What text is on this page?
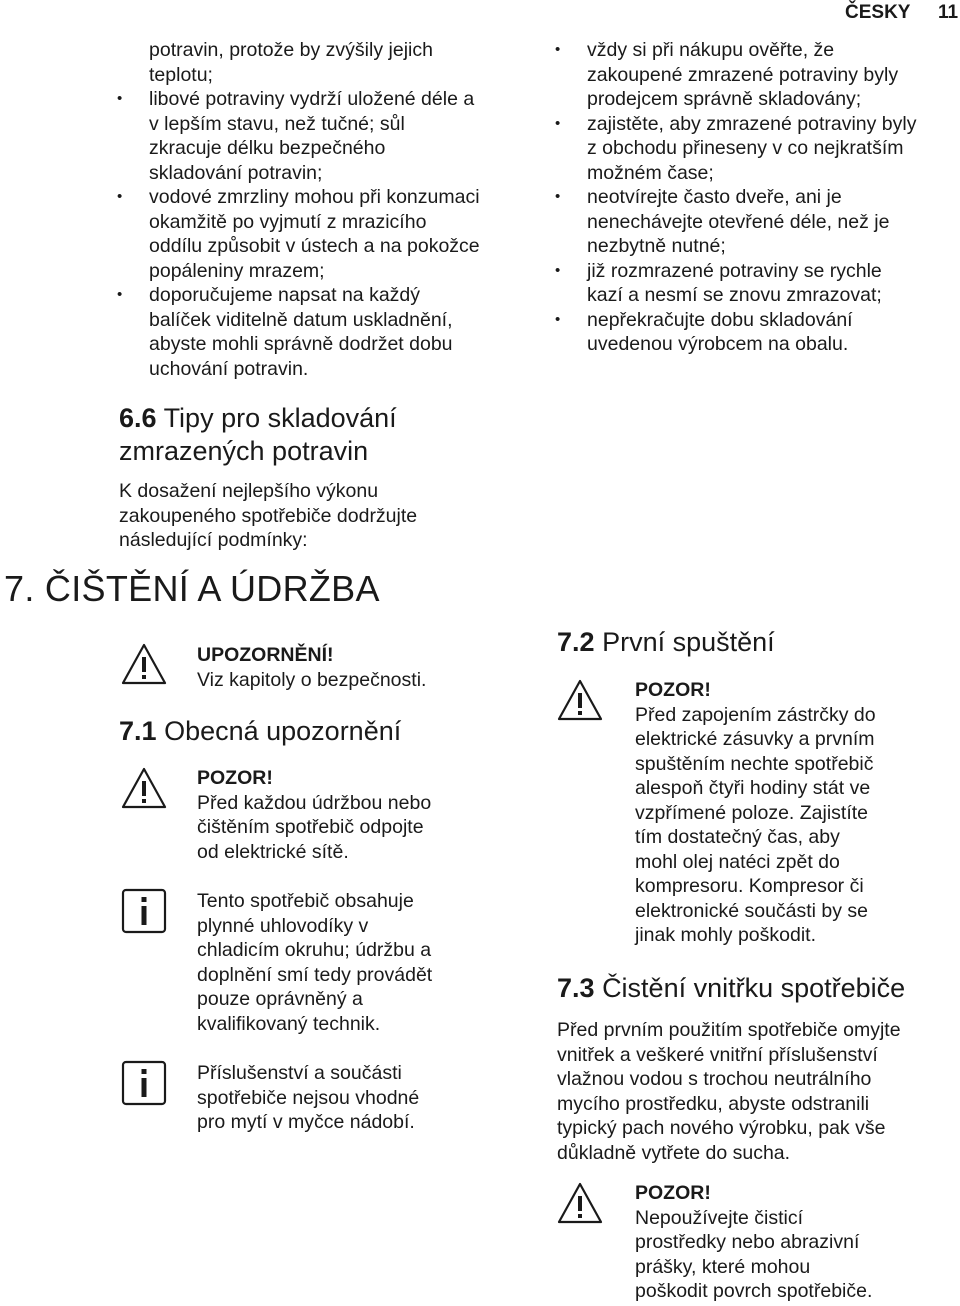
ČESKY 11
potravin, protože by zvýšily jejich
teplotu;
• libové potraviny vydrží uložené déle a
v lepším stavu, než tučné; sůl
zkracuje délku bezpečného
skladování potravin;
• vodové zmrzliny mohou při konzumaci
okamžitě po vyjmutí z mrazicího
oddílu způsobit v ústech a na pokožce
popáleniny mrazem;
• doporučujeme napsat na každý
balíček viditelně datum uskladnění,
abyste mohli správně dodržet dobu
uchování potravin.
6.6 Tipy pro skladování
zmrazených potravin
K dosažení nejlepšího výkonu
zakoupeného spotřebiče dodržujte
následující podmínky:
• vždy si při nákupu ověřte, že
zakoupené zmrazené potraviny byly
prodejcem správně skladovány;
• zajistěte, aby zmrazené potraviny byly
z obchodu přineseny v co nejkratším
možném čase;
• neotvírejte často dveře, ani je
nenechávejte otevřené déle, než je
nezbytně nutné;
• již rozmrazené potraviny se rychle
kazí a nesmí se znovu zmrazovat;
• nepřekračujte dobu skladování
uvedenou výrobcem na obalu.
7. ČIŠTĚNÍ A ÚDRŽBA
UPOZORNĚNÍ!
Viz kapitoly o bezpečnosti.
7.1 Obecná upozornění
POZOR!
Před každou údržbou nebo
čištěním spotřebič odpojte
od elektrické sítě.
Tento spotřebič obsahuje
plynné uhlovodíky v
chladicím okruhu; údržbu a
doplnění smí tedy provádět
pouze oprávněný a
kvalifikovaný technik.
Příslušenství a součásti
spotřebiče nejsou vhodné
pro mytí v myčce nádobí.
7.2 První spuštění
POZOR!
Před zapojením zástrčky do
elektrické zásuvky a prvním
spuštěním nechte spotřebič
alespoň čtyři hodiny stát ve
vzpřímené poloze. Zajistíte
tím dostatečný čas, aby
mohl olej natéci zpět do
kompresoru. Kompresor či
elektronické součásti by se
jinak mohly poškodit.
7.3 Čistění vnitřku spotřebiče
Před prvním použitím spotřebiče omyjte
vnitřek a veškeré vnitřní příslušenství
vlažnou vodou s trochou neutrálního
mycího prostředku, abyste odstranili
typický pach nového výrobku, pak vše
důkladně vytřete do sucha.
POZOR!
Nepoužívejte čisticí
prostředky nebo abrazivní
prášky, které mohou
poškodit povrch spotřebiče.
